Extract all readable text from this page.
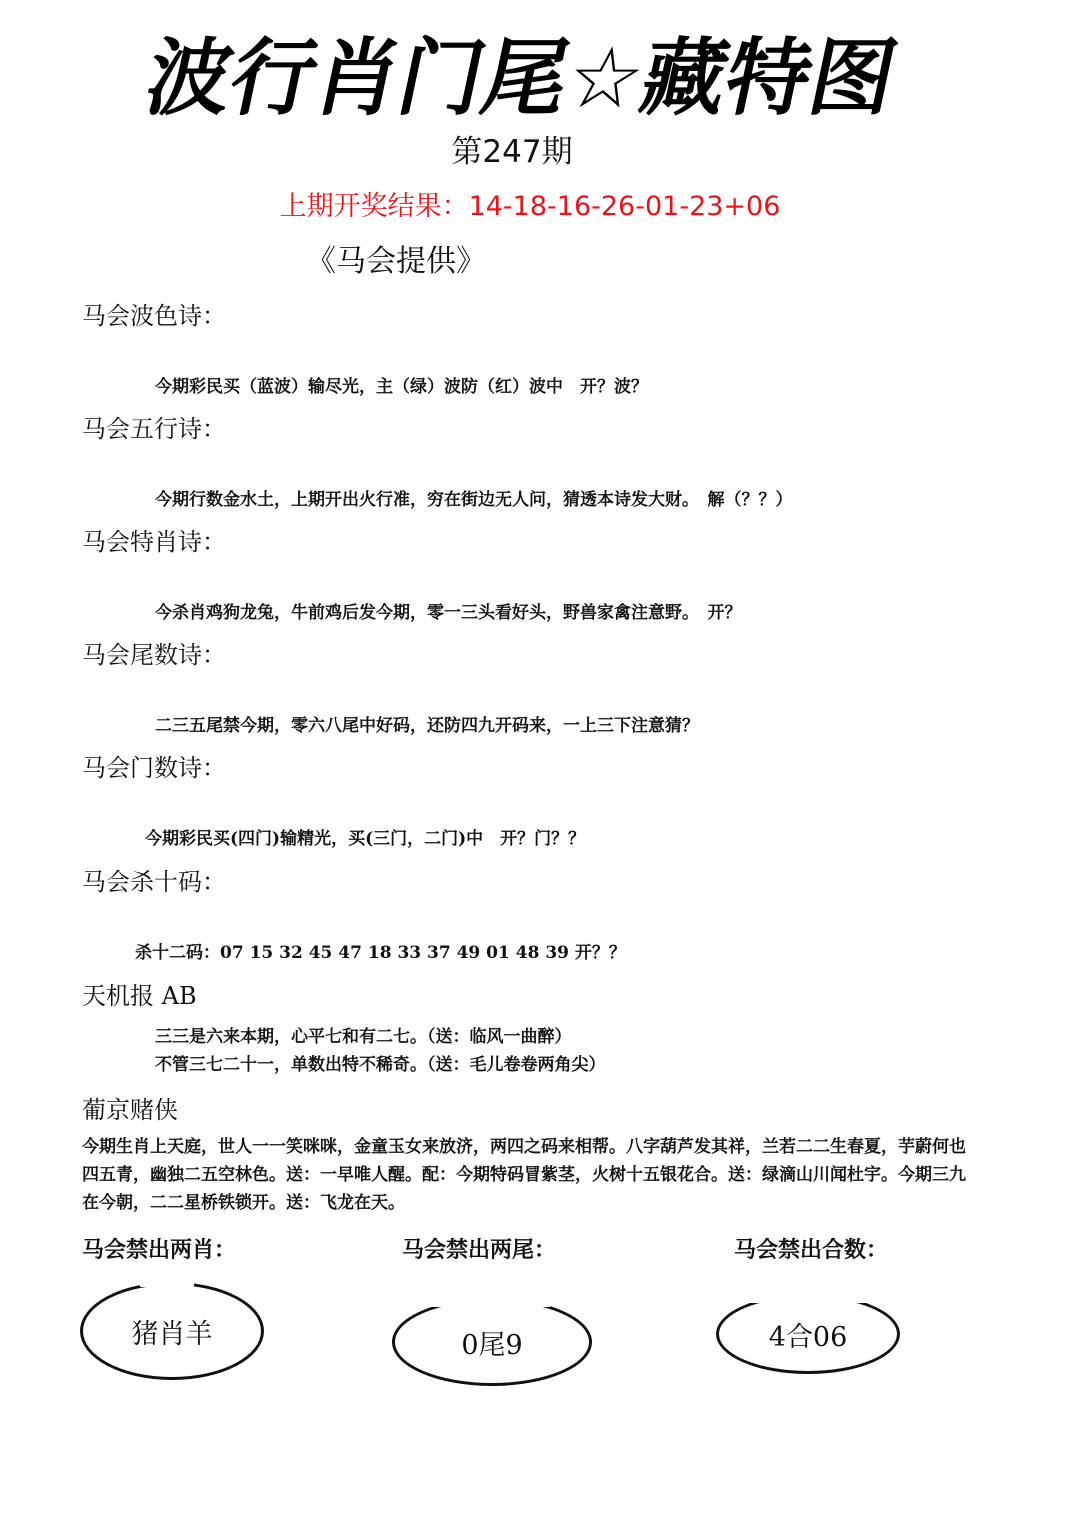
波
行
肖
门
尾
☆
藏
特
图
第247期
上期开奖结果：14-18-16-26-01-23+06
《马会提供》
马会波色诗：
今期彩民买（蓝波）输尽光，主（绿）波防（红）波中　开？波？
马会五行诗：
今期行数金水土，上期开出火行准，穷在街边无人问，猜透本诗发大财。　解（？？）
马会特肖诗：
今杀肖鸡狗龙兔，牛前鸡后发今期，零一三头看好头，野兽家禽注意野。　开？
马会尾数诗：
二三五尾禁今期，零六八尾中好码，还防四九开码来，一上三下注意猜？
马会门数诗：
今期彩民买(四门)输精光，买(三门，二门)中　开？门？？
马会杀十码：
杀十二码：07 15 32 45 47 18 33 37 49 01 48 39 开？？
天机报 AB
三三是六来本期，心平七和有二七。（送：临风一曲醉）
不管三七二十一，单数出特不稀奇。（送：毛儿卷卷两角尖）
葡京赌侠
今期生肖上天庭，世人一一笑咪咪，金童玉女来放济，两四之码来相帮。八字葫芦发其祥，兰若二二生春夏，芋蔚何也四五青，幽独二五空林色。送：一早唯人醒。配：今期特码冒紫茎，火树十五银花合。送：绿滴山川闻杜宇。今期三九在今朝，二二星桥铁锁开。送：飞龙在天。
马会禁出两肖：	马会禁出两尾：	马会禁出合数：
猪肖羊	0尾9	4合06
